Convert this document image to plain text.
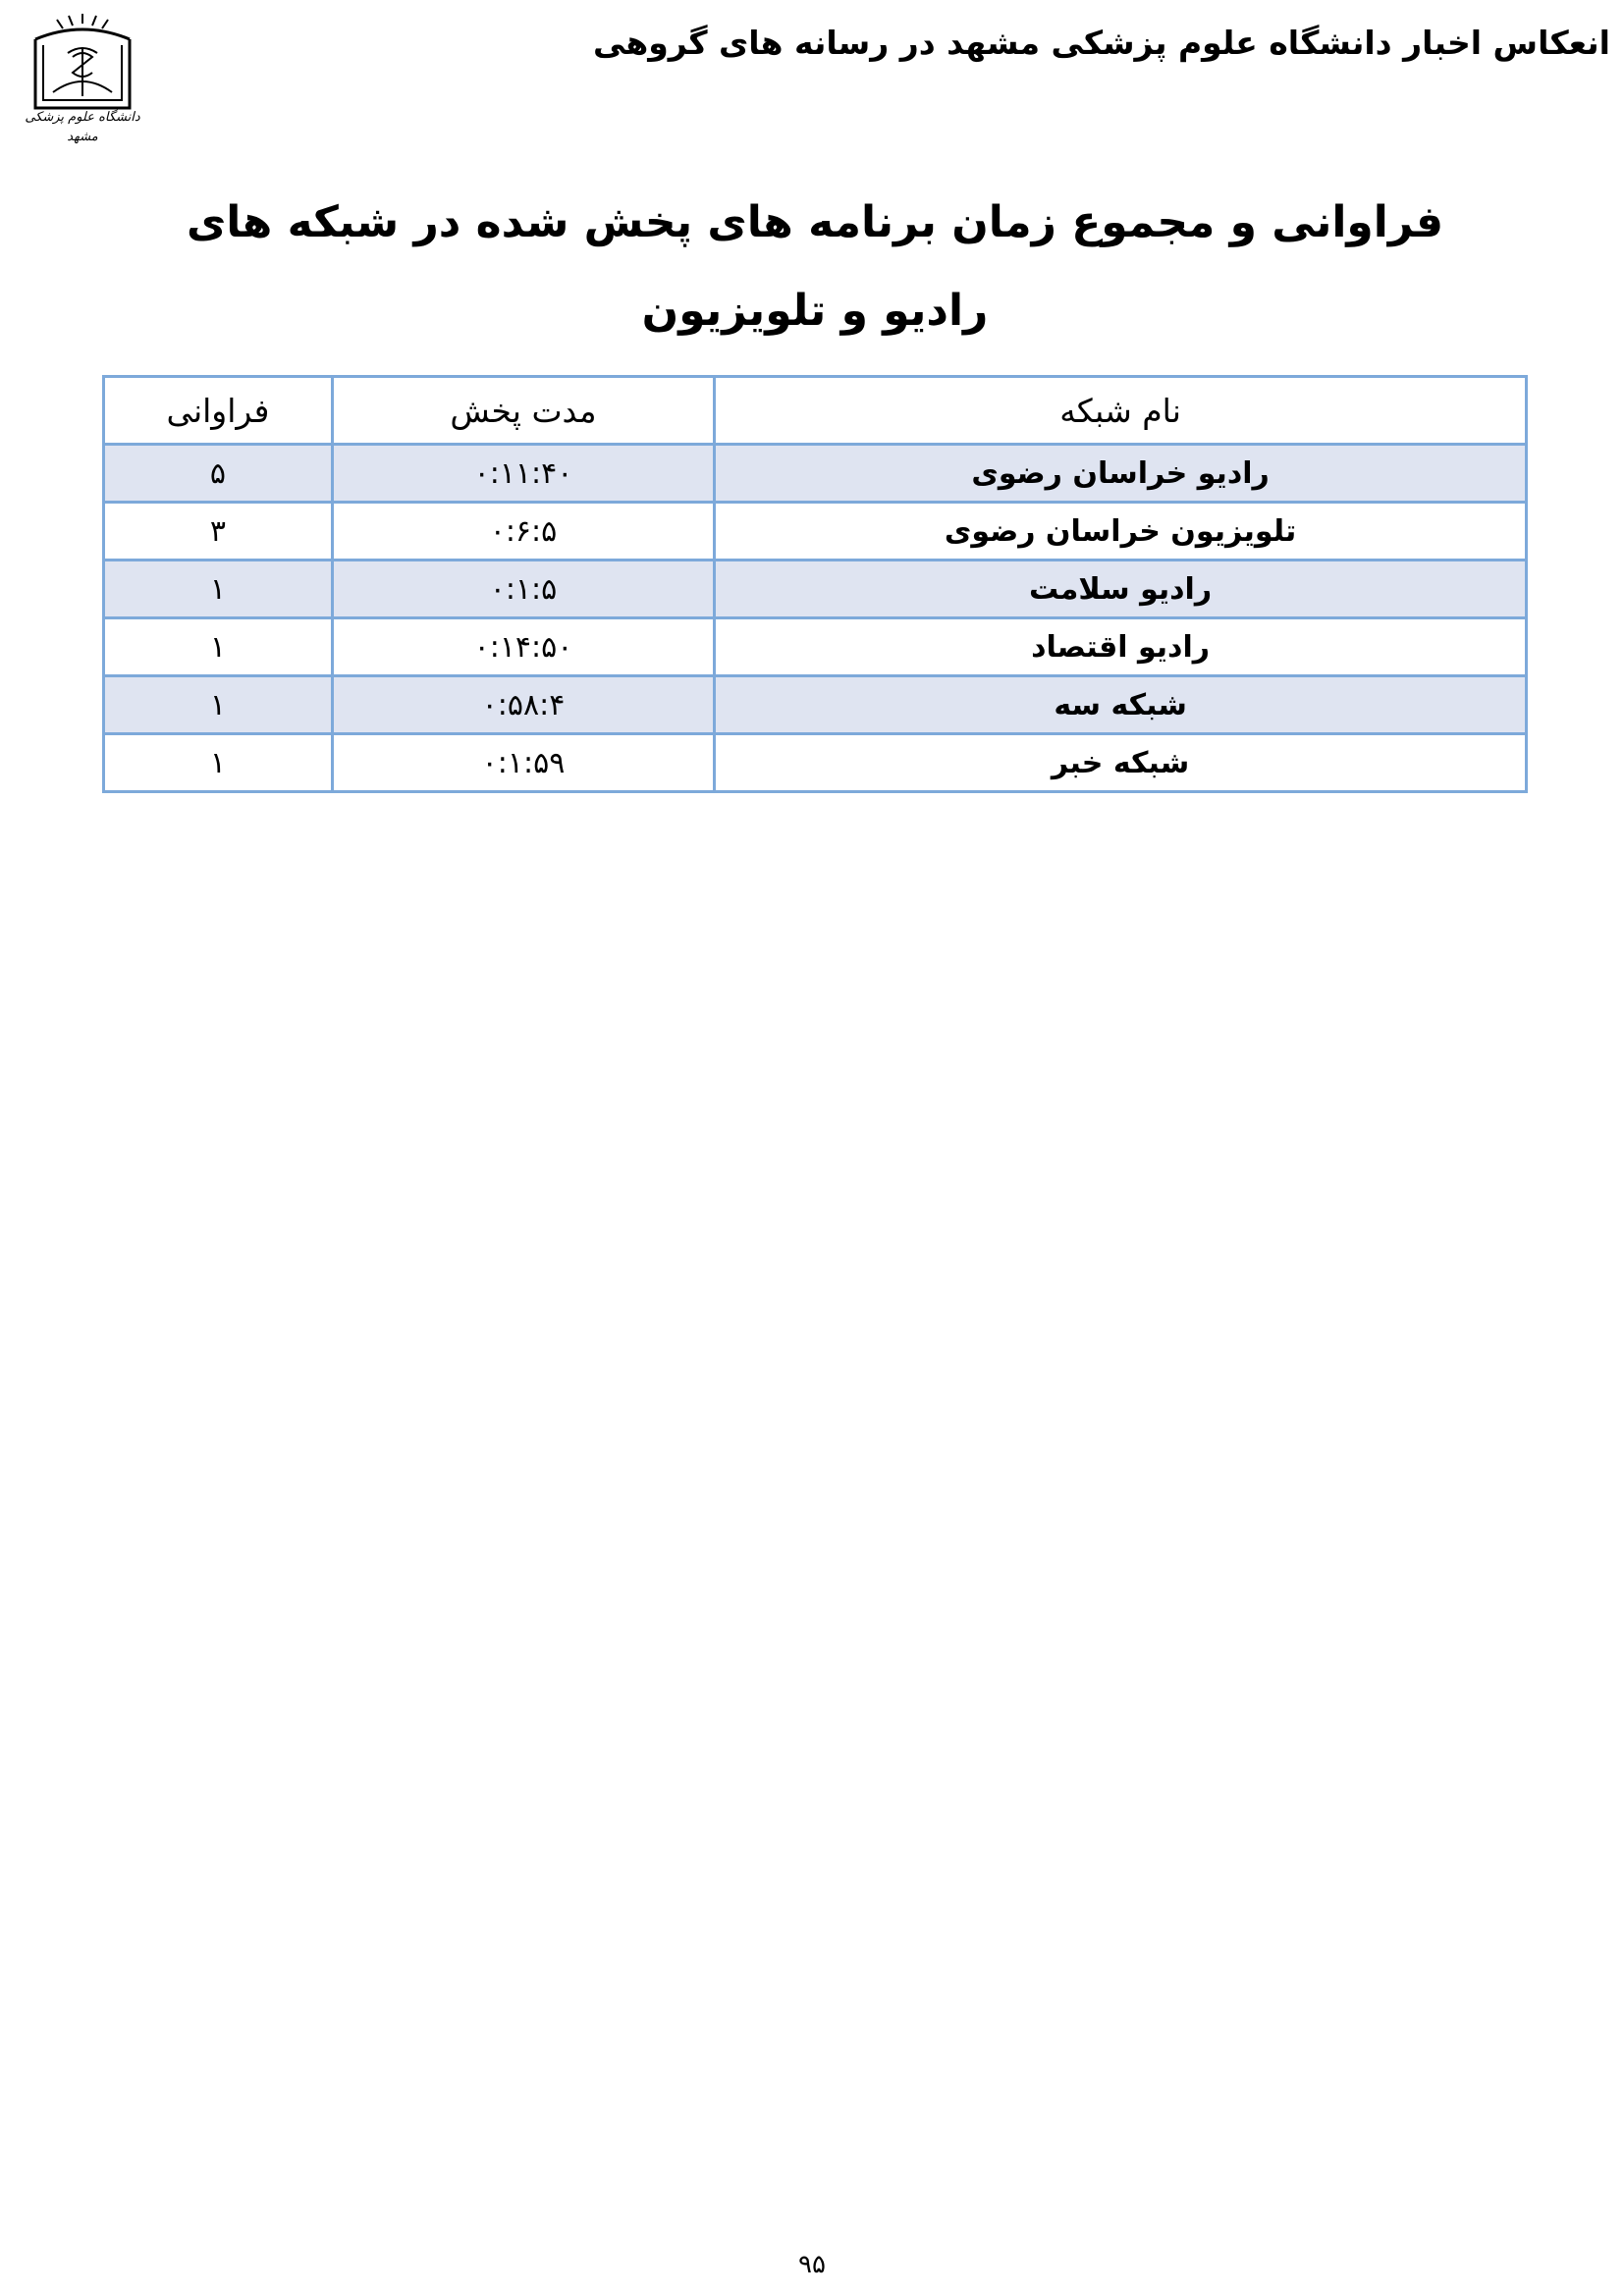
انعکاس اخبار دانشگاه علوم پزشکی مشهد در رسانه های گروهی
دانشگاه علوم پزشکی مشهد
فراوانی و مجموع زمان برنامه های پخش شده در شبکه های رادیو و تلویزیون
نام شبکه	مدت پخش	فراوانی
رادیو خراسان رضوی	۰:۱۱:۴۰	۵
تلویزیون خراسان رضوی	۰:۶:۵	۳
رادیو سلامت	۰:۱:۵	۱
رادیو اقتصاد	۰:۱۴:۵۰	۱
شبکه سه	۰:۵۸:۴	۱
شبکه خبر	۰:۱:۵۹	۱
۹۵
